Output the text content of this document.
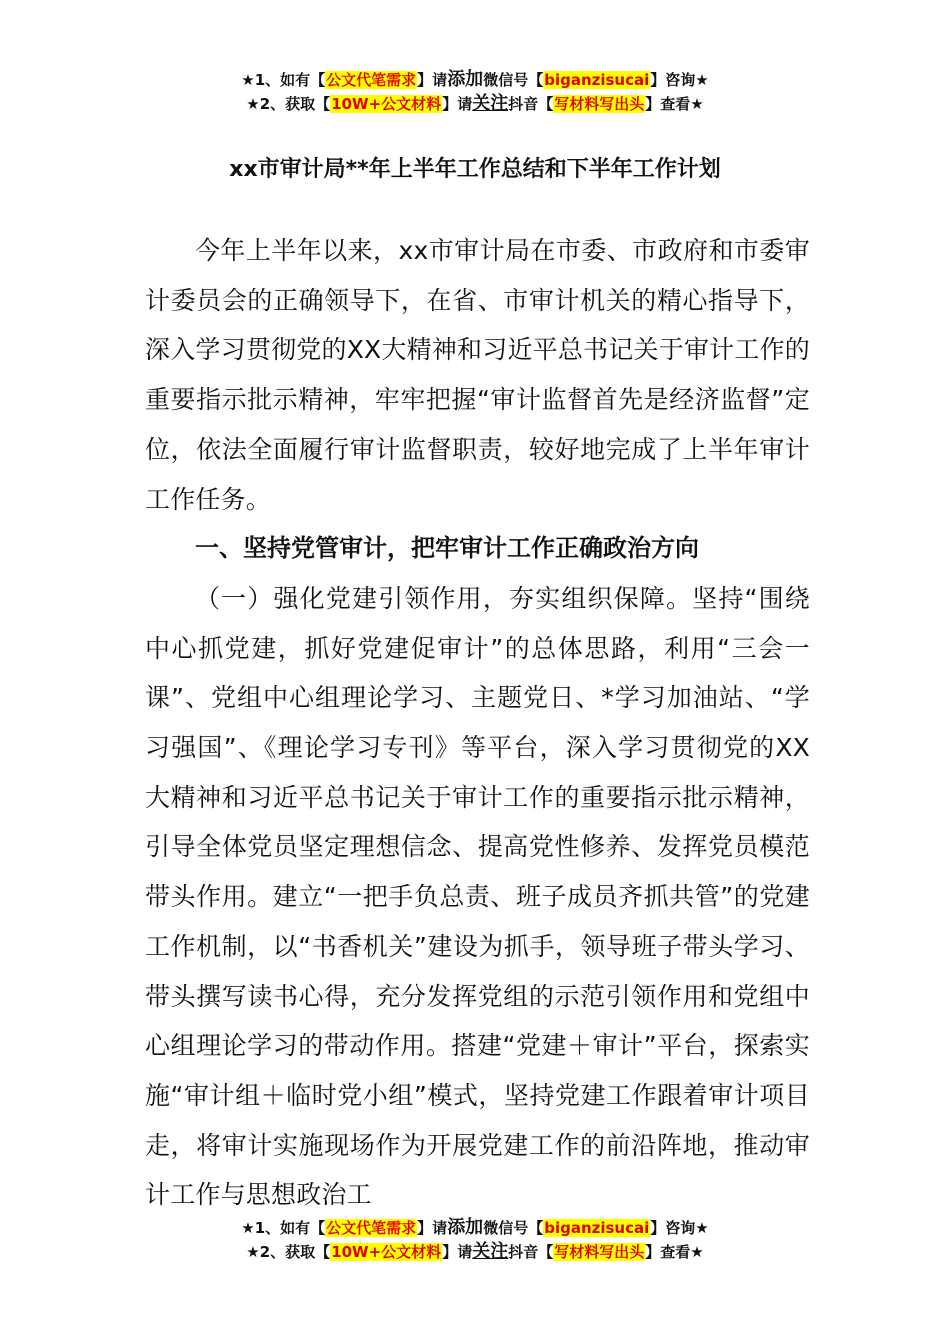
★1、如有【公文代笔需求】请添加微信号【biganzisucai】咨询★
★2、获取【10W+公文材料】请关注抖音【写材料写出头】查看★
xx市审计局**年上半年工作总结和下半年工作计划

今年上半年以来，xx市审计局在市委、市政府和市委审计委员会的正确领导下，在省、市审计机关的精心指导下，深入学习贯彻党的XX大精神和习近平总书记关于审计工作的重要指示批示精神，牢牢把握“审计监督首先是经济监督”定位，依法全面履行审计监督职责，较好地完成了上半年审计工作任务。

一、坚持党管审计，把牢审计工作正确政治方向

（一）强化党建引领作用，夯实组织保障。坚持“围绕中心抓党建，抓好党建促审计”的总体思路，利用“三会一课”、党组中心组理论学习、主题党日、*学习加油站、“学习强国”、《理论学习专刊》等平台，深入学习贯彻党的XX大精神和习近平总书记关于审计工作的重要指示批示精神，引导全体党员坚定理想信念、提高党性修养、发挥党员模范带头作用。建立“一把手负总责、班子成员齐抓共管”的党建工作机制，以“书香机关”建设为抓手，领导班子带头学习、带头撰写读书心得，充分发挥党组的示范引领作用和党组中心组理论学习的带动作用。搭建“党建＋审计”平台，探索实施“审计组＋临时党小组”模式，坚持党建工作跟着审计项目走，将审计实施现场作为开展党建工作的前沿阵地，推动审计工作与思想政治工

★1、如有【公文代笔需求】请添加微信号【biganzisucai】咨询★
★2、获取【10W+公文材料】请关注抖音【写材料写出头】查看★
